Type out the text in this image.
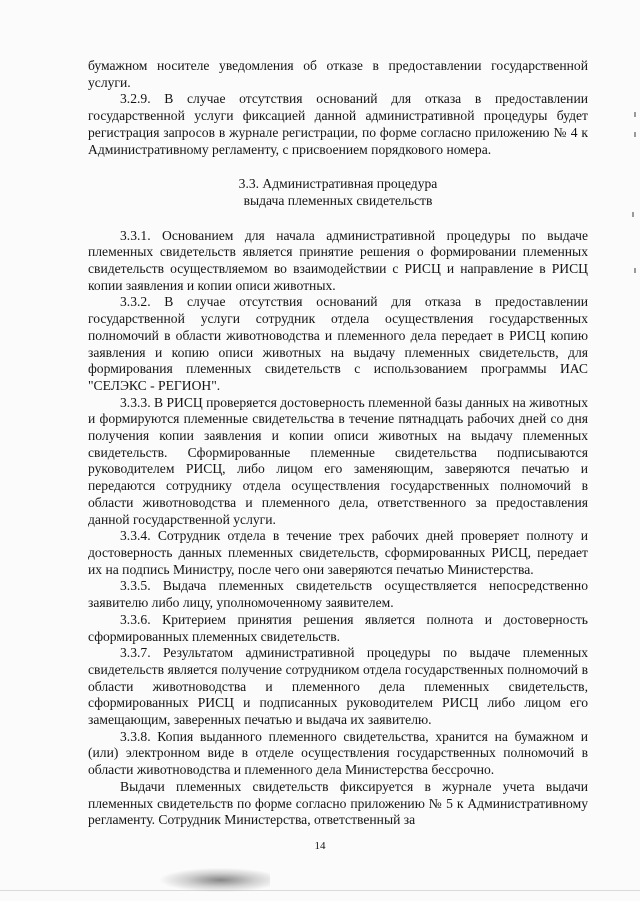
бумажном носителе уведомления об отказе в предоставлении государственной услуги.

3.2.9. В случае отсутствия оснований для отказа в предоставлении государственной услуги фиксацией данной административной процедуры будет регистрация запросов в журнале регистрации, по форме согласно приложению № 4 к Административному регламенту, с присвоением порядкового номера.

3.3. Административная процедура

выдача племенных свидетельств

3.3.1. Основанием для начала административной процедуры по выдаче племенных свидетельств является принятие решения о формировании племенных свидетельств осуществляемом во взаимодействии с РИСЦ и направление в РИСЦ копии заявления и копии описи животных.

3.3.2. В случае отсутствия оснований для отказа в предоставлении государственной услуги сотрудник отдела осуществления государственных полномочий в области животноводства и племенного дела передает в РИСЦ копию заявления и копию описи животных на выдачу племенных свидетельств, для формирования племенных свидетельств с использованием программы ИАС "СЕЛЭКС - РЕГИОН".

3.3.3. В РИСЦ проверяется достоверность племенной базы данных на животных и формируются племенные свидетельства в течение пятнадцать рабочих дней со дня получения копии заявления и копии описи животных на выдачу племенных свидетельств. Сформированные племенные свидетельства подписываются руководителем РИСЦ, либо лицом его заменяющим, заверяются печатью и передаются сотруднику отдела осуществления государственных полномочий в области животноводства и племенного дела, ответственного за предоставления данной государственной услуги.

3.3.4. Сотрудник отдела в течение трех рабочих дней проверяет полноту и достоверность данных племенных свидетельств, сформированных РИСЦ, передает их на подпись Министру, после чего они заверяются печатью Министерства.

3.3.5. Выдача племенных свидетельств осуществляется непосредственно заявителю либо лицу, уполномоченному заявителем.

3.3.6. Критерием принятия решения является полнота и достоверность сформированных племенных свидетельств.

3.3.7. Результатом административной процедуры по выдаче племенных свидетельств является получение сотрудником отдела государственных полномочий в области животноводства и племенного дела племенных свидетельств, сформированных РИСЦ и подписанных руководителем РИСЦ либо лицом его замещающим, заверенных печатью и выдача их заявителю.

3.3.8. Копия выданного племенного свидетельства, хранится на бумажном и (или) электронном виде в отделе осуществления государственных полномочий в области животноводства и племенного дела Министерства бессрочно.

Выдачи племенных свидетельств фиксируется в журнале учета выдачи племенных свидетельств по форме согласно приложению № 5 к Административному регламенту. Сотрудник Министерства, ответственный за

14
